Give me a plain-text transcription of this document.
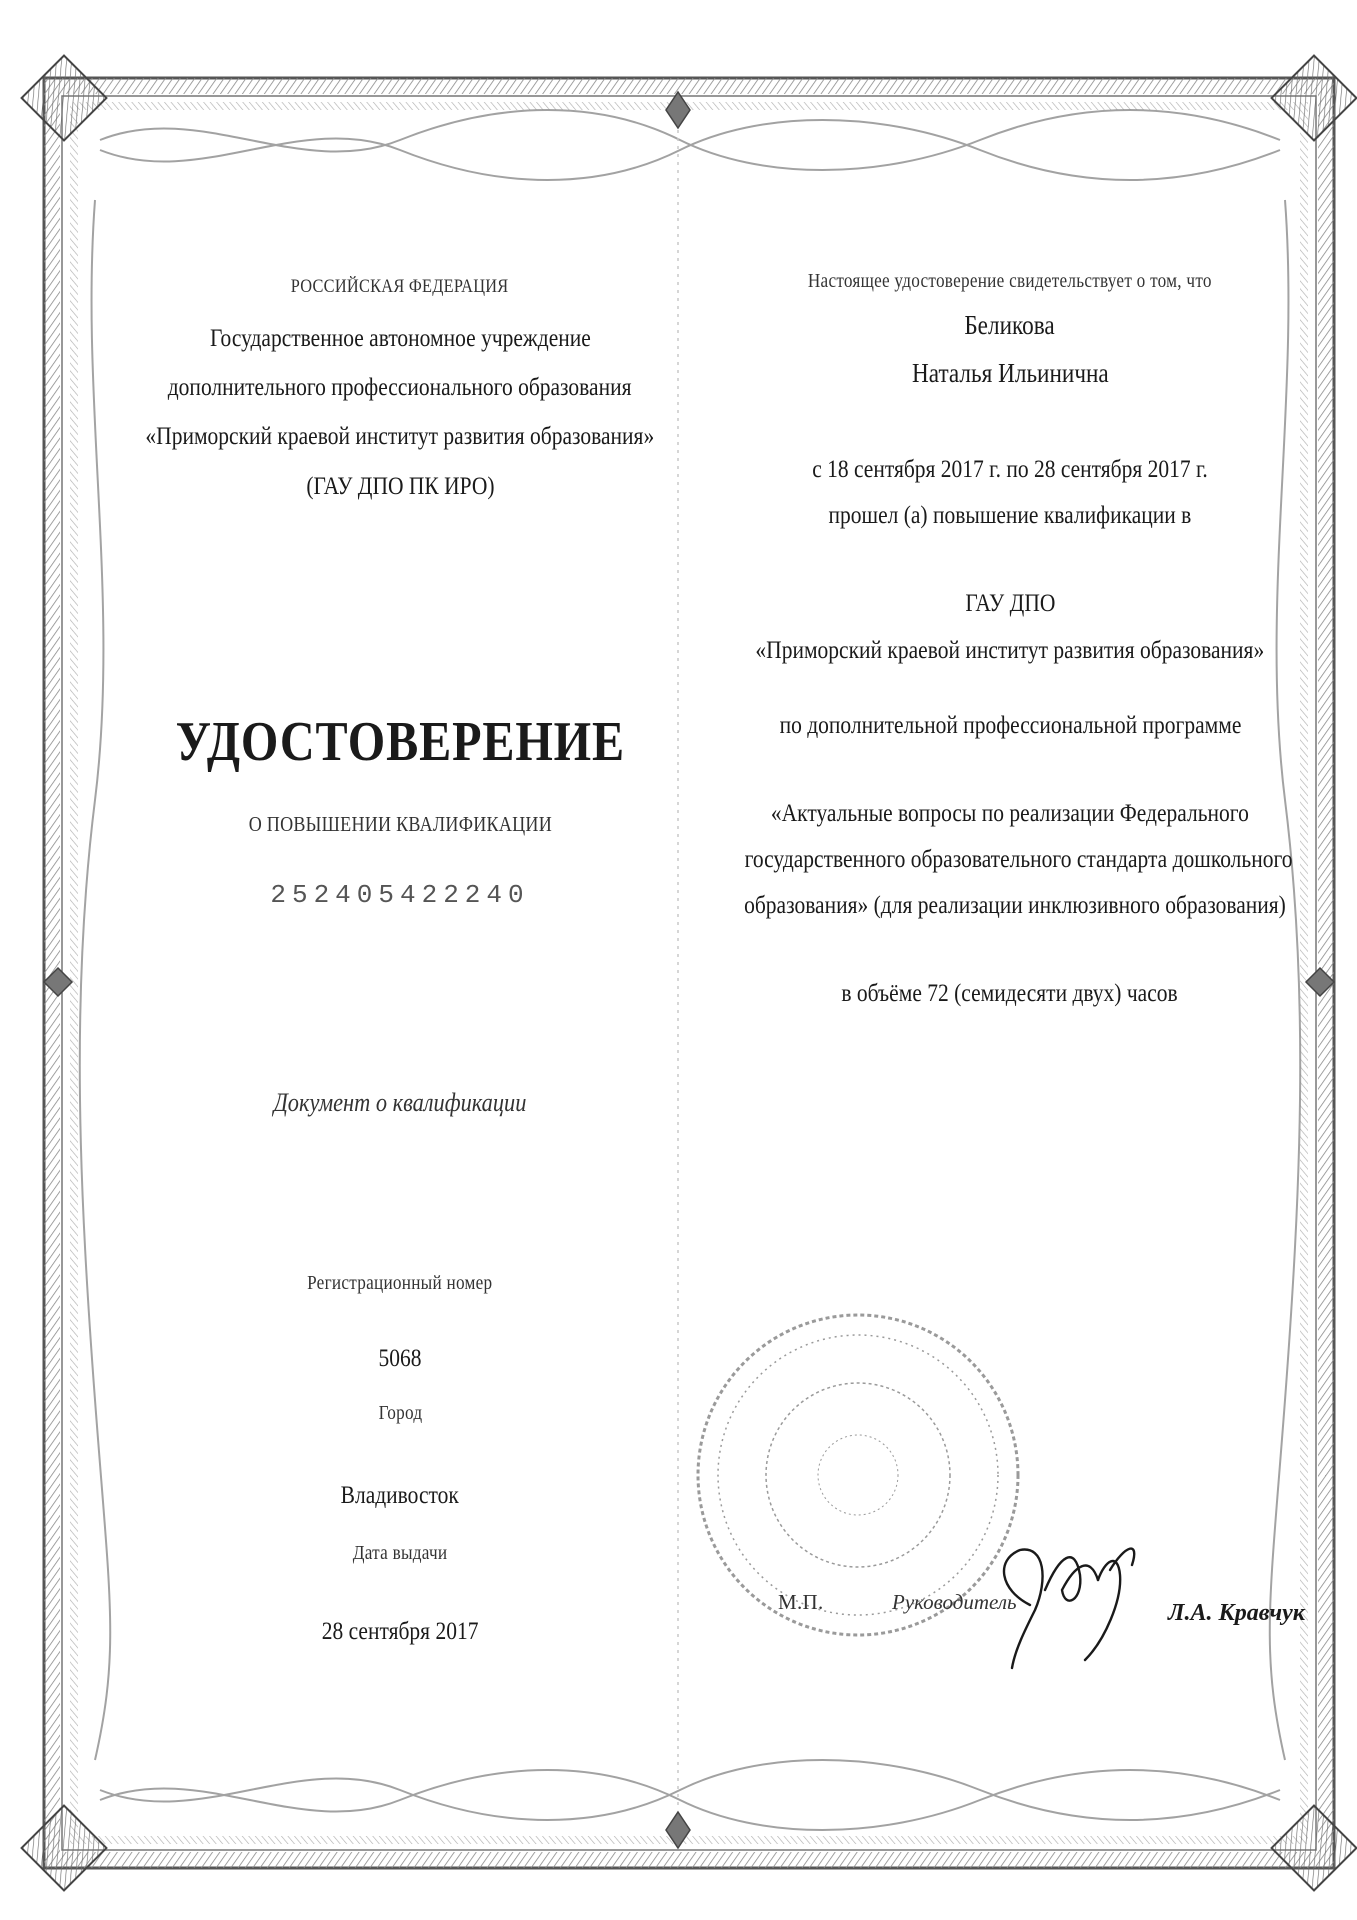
РОССИЙСКАЯ ФЕДЕРАЦИЯ
Государственное автономное учреждение
дополнительного профессионального образования
«Приморский краевой институт развития образования»
(ГАУ ДПО ПК ИРО)
УДОСТОВЕРЕНИЕ
О ПОВЫШЕНИИ КВАЛИФИКАЦИИ
252405422240
Документ о квалификации
Регистрационный номер
5068
Город
Владивосток
Дата выдачи
28 сентября 2017
Настоящее удостоверение свидетельствует о том, что
Беликова
Наталья Ильинична
с 18 сентября 2017 г. по 28 сентября 2017 г.
прошел (а) повышение квалификации в
ГАУ ДПО
«Приморский краевой институт развития образования»
по дополнительной профессиональной программе
«Актуальные вопросы по реализации Федерального
государственного образовательного стандарта дошкольного
образования» (для реализации инклюзивного образования)
в объёме 72 (семидесяти двух) часов
М.П.	Руководитель	Л.А. Кравчук
